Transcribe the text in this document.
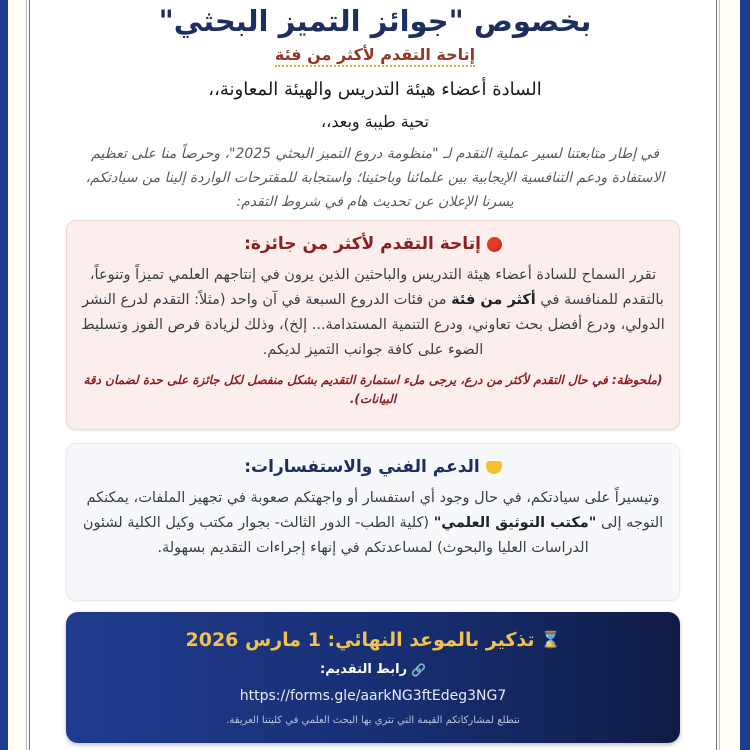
بخصوص "جوائز التميز البحثي"
إتاحة التقدم لأكثر من فئة
السادة أعضاء هيئة التدريس والهيئة المعاونة،،
تحية طيبة وبعد،،

في إطار متابعتنا لسير عملية التقدم لـ "منظومة دروع التميز البحثي 2025"، وحرصاً منا على تعظيم الاستفادة ودعم التنافسية الإيجابية بين علمائنا وباحثينا؛ واستجابة للمقترحات الواردة إلينا من سيادتكم، يسرنا الإعلان عن تحديث هام في شروط التقدم:

إتاحة التقدم لأكثر من جائزة:

تقرر السماح للسادة أعضاء هيئة التدريس والباحثين الذين يرون في إنتاجهم العلمي تميزاً وتنوعاً، بالتقدم للمنافسة في أكثر من فئة من فئات الدروع السبعة في آن واحد (مثلاً: التقدم لدرع النشر الدولي، ودرع أفضل بحث تعاوني، ودرع التنمية المستدامة... إلخ)، وذلك لزيادة فرص الفوز وتسليط الضوء على كافة جوانب التميز لديكم.

(ملحوظة: في حال التقدم لأكثر من درع، يرجى ملء استمارة التقديم بشكل منفصل لكل جائزة على حدة لضمان دقة البيانات).

الدعم الفني والاستفسارات:

وتيسيراً على سيادتكم، في حال وجود أي استفسار أو واجهتكم صعوبة في تجهيز الملفات، يمكنكم التوجه إلى "مكتب التوثيق العلمي" (كلية الطب- الدور الثالث- بجوار مكتب وكيل الكلية لشئون الدراسات العليا والبحوث) لمساعدتكم في إنهاء إجراءات التقديم بسهولة.

⌛
تذكير بالموعد النهائي: 1 مارس 2026
🔗
رابط التقديم:
https://forms.gle/aarkNG3ftEdeg3NG7
نتطلع لمشاركاتكم القيمة التي تثري بها البحث العلمي في كليتنا العريقة.
